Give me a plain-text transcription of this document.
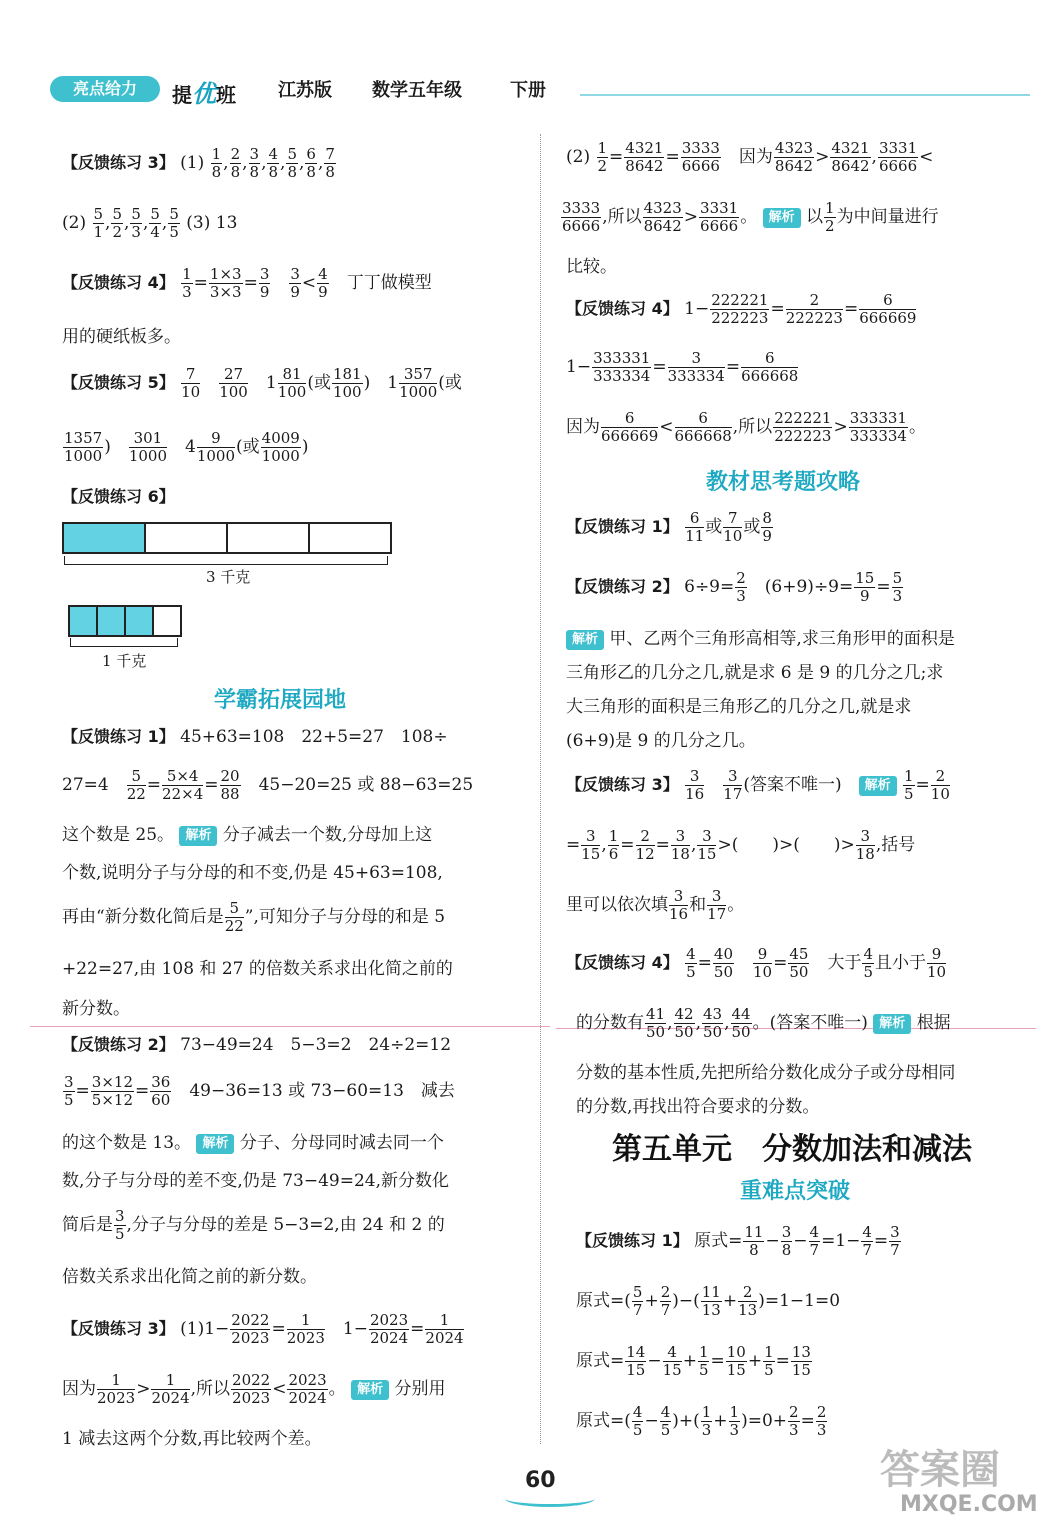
亮点给力	提优班 江苏版 数学五年级	下册
【反馈练习 3】 $(1) \frac{1}{8}$ , $\frac{2}{8}$ , $\frac{3}{8}$ , $\frac{4}{8}$ , $\frac{5}{8}$ , $\frac{6}{8}$ , $\frac{7}{8}$
$(2) \frac{5}{1}$ , $\frac{5}{2}$ , $\frac{5}{3}$ , $\frac{5}{4}$ , $\frac{5}{5} (3)$ 13
【反馈练习 4】 $\frac{1}{3} = \frac{1\times 3}{3\times 3} = \frac{3}{9}$
　 $\frac{3}{9} < \frac{4}{9}$
　 丁丁做模型
用的硬纸板多。
【反馈练习 5】 $\frac{7}{10}$
　 $\frac{27}{100}$ 　$1 \frac{81}{100}$ (或 $\frac{181}{100}$ )　$1 \frac{357}{1000}$ (或
$\frac{1357}{1000}$ )　 $\frac{301}{1000}$ 　$4 \frac{9}{1000}$ (或 $\frac{4009}{1000}$ )
【反馈练习 6】
3 千克
1 千克
学霸拓展园地
【反馈练习 1】 45+63=108　22+5=27　108÷
27=4　 $\frac{5}{22} = \frac{5\times 4}{22\times 4} = \frac{20}{88}$
　 45−20=25 或 88−63=25
这个数是 25。 解析 分子减去一个数,分母加上这
个数,说明分子与分母的和不变,仍是 45+63=108,
再由“新分数化简后是 $\frac{5}{22}$ ”,可知分子与分母的和是 5
+22=27,由 108 和 27 的倍数关系求出化简之前的
新分数。
【反馈练习 2】 73−49=24　5−3=2　24÷2=12
$\frac{3}{5} = \frac{3\times 12}{5\times 12} = \frac{36}{60}$
　 49−36=13 或 73−60=13　减去
的这个数是 13。 解析 分子、分母同时减去同一个
数,分子与分母的差不变,仍是 73−49=24,新分数化
简后是 $\frac{3}{5}$ ,分子与分母的差是 5−3=2,由 24 和 2 的
倍数关系求出化简之前的新分数。
【反馈练习 3】 $(1)1- \frac{2022}{2023} = \frac{1}{2023}$ 　$1- \frac{2023}{2024} = \frac{1}{2024}$
因为 $\frac{1}{2023} > \frac{1}{2024}$ ,所以 $\frac{2022}{2023} < \frac{2023}{2024}$ 。 解析 分别用
1 减去这两个分数,再比较两个差。
$(2) \frac{1}{2} = \frac{4321}{8642} = \frac{3333}{6666}$
　 因为 $\frac{4323}{8642} > \frac{4321}{8642}$ , $\frac{3331}{6666}$ <
$\frac{3333}{6666}$ ,所以 $\frac{4323}{8642} > \frac{3331}{6666}$ 。 解析 以 $\frac{1}{2}$ 为中间量进行
比较。
【反馈练习 4】 $1- \frac{222221}{222223} = \frac{2}{222223} = \frac{6}{666669}$
$1- \frac{333331}{333334} = \frac{3}{333334} = \frac{6}{666668}$
因为 $\frac{6}{666669} < \frac{6}{666668}$ ,所以 $\frac{222221}{222223} > \frac{333331}{333334}$ 。
教材思考题攻略
【反馈练习 1】 $\frac{6}{11}$ 或 $\frac{7}{10}$ 或 $\frac{8}{9}$
【反馈练习 2】 $6\div 9= \frac{2}{3}$
　 $(6+9)\div 9= \frac{15}{9} = \frac{5}{3}$
解析 甲、乙两个三角形高相等,求三角形甲的面积是
三角形乙的几分之几,就是求 6 是 9 的几分之几;求
大三角形的面积是三角形乙的几分之几,就是求
(6+9)是 9 的几分之几。
【反馈练习 3】 $\frac{3}{16}$
　 $\frac{3}{17}$ (答案不唯一)　 解析 $\frac{1}{5} = \frac{2}{10}$
= $\frac{3}{15}$ , $\frac{1}{6} = \frac{2}{12} = \frac{3}{18}$ , $\frac{3}{15}$ >(　　)>(　　)> $\frac{3}{18}$ ,括号
里可以依次填 $\frac{3}{16}$ 和 $\frac{3}{17}$ 。
【反馈练习 4】 $\frac{4}{5} = \frac{40}{50}$
　 $\frac{9}{10} = \frac{45}{50}$
　 大于 $\frac{4}{5}$ 且小于 $\frac{9}{10}$
的分数有 $\frac{41}{50}$ , $\frac{42}{50}$ , $\frac{43}{50}$ , $\frac{44}{50}$ 。(答案不唯一) 解析 根据
分数的基本性质,先把所给分数化成分子或分母相同
的分数,再找出符合要求的分数。
第五单元　分数加法和减法
重难点突破
【反馈练习 1】 原式= $\frac{11}{8} - \frac{3}{8} - \frac{4}{7} =1- \frac{4}{7} = \frac{3}{7}$
原式=( $\frac{5}{7} + \frac{2}{7}$ )−( $\frac{11}{13} + \frac{2}{13} )=1-1=0$
原式= $\frac{14}{15} - \frac{4}{15} + \frac{1}{5} = \frac{10}{15} + \frac{1}{5} = \frac{13}{15}$
原式=( $\frac{4}{5} - \frac{4}{5}$ )+( $\frac{1}{3} + \frac{1}{3} )=0+ \frac{2}{3} = \frac{2}{3}$
60	答案圈
MXQE.COM
